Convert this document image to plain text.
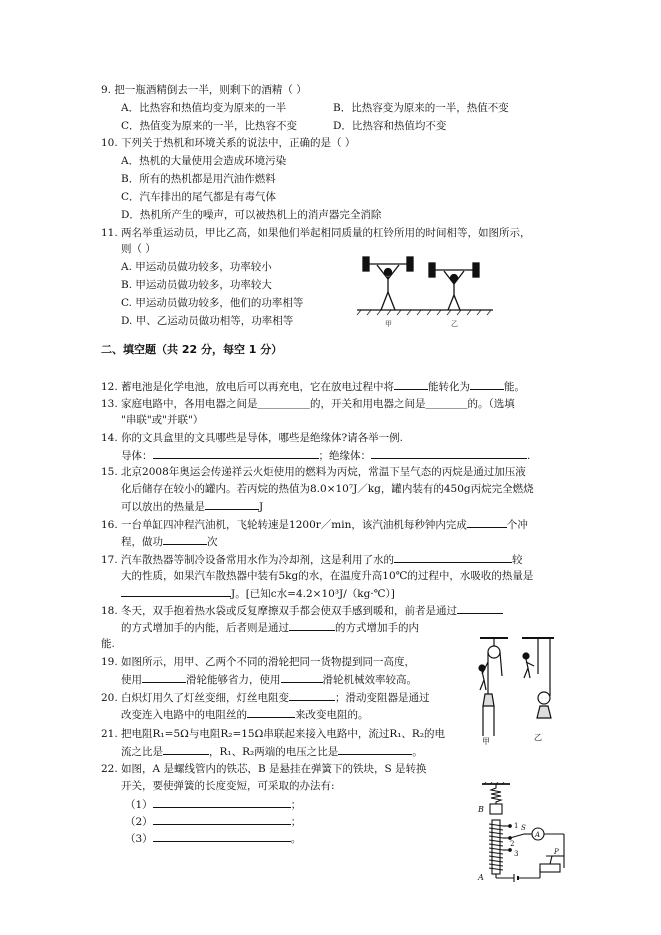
9. 把一瓶酒精倒去一半，则剩下的酒精（ ）
A．比热容和热值均变为原来的一半	B．比热容变为原来的一半，热值不变
C．热值变为原来的一半，比热容不变	D．比热容和热值均不变
10. 下列关于热机和环境关系的说法中，正确的是（ ）
A．热机的大量使用会造成环境污染
B．所有的热机都是用汽油作燃料
C．汽车排出的尾气都是有毒气体
D．热机所产生的噪声，可以被热机上的消声器完全消除
11. 两名举重运动员，甲比乙高，如果他们举起相同质量的杠铃所用的时间相等，如图所示，
则（ ）
A. 甲运动员做功较多，功率较小
B. 甲运动员做功较多，功率较大
C. 甲运动员做功较多，他们的功率相等
D. 甲、乙运动员做功相等，功率相等	甲	乙
二、填空题（共 22 分，每空 1 分）
12. 蓄电池是化学电池，放电后可以再充电，它在放电过程中将	能转化为	能。
13. 家庭电路中，各用电器之间是＿＿＿＿＿的，开关和用电器之间是＿＿＿＿的。（选填
"串联"或"并联"）
14. 你的文具盒里的文具哪些是导体，哪些是绝缘体?请各举一例.
导体：	；绝缘体：	.
15. 北京2008年奥运会传递祥云火炬使用的燃料为丙烷，常温下呈气态的丙烷是通过加压液
化后储存在较小的罐内。若丙烷的热值为8.0×10⁷J／kg，罐内装有的450g丙烷完全燃烧
可以放出的热量是	J
16. 一台单缸四冲程汽油机，飞轮转速是1200r／min，该汽油机每秒钟内完成	个冲
程，做功	次
17. 汽车散热器等制冷设备常用水作为冷却剂，这是利用了水的	较
大的性质，如果汽车散热器中装有5kg的水，在温度升高10℃的过程中，水吸收的热量是
J。[已知c水=4.2×10³J/（kg·℃）]
18. 冬天，双手抱着热水袋或反复摩擦双手都会使双手感到暖和，前者是通过
的方式增加手的内能，后者则是通过	的方式增加手的内
能.
19. 如图所示，用甲、乙两个不同的滑轮把同一货物提到同一高度，
使用	滑轮能够省力，使用	滑轮机械效率较高。
甲	乙
20. 白炽灯用久了灯丝变细，灯丝电阻变	；滑动变阻器是通过
改变连入电路中的电阻丝的	来改变电阻的。
21. 把电阻R₁=5Ω与电阻R₂=15Ω串联起来接入电路中，流过R₁、R₂的电
流之比是	，R₁、R₂两端的电压之比是	。
22. 如图，A 是螺线管内的铁芯，B 是悬挂在弹簧下的铁块，S 是转换
开关，要使弹簧的长度变短，可采取的办法有:
（1）	；
（2）	；
（3）	。
B
A
1
2
3
S
A
P
